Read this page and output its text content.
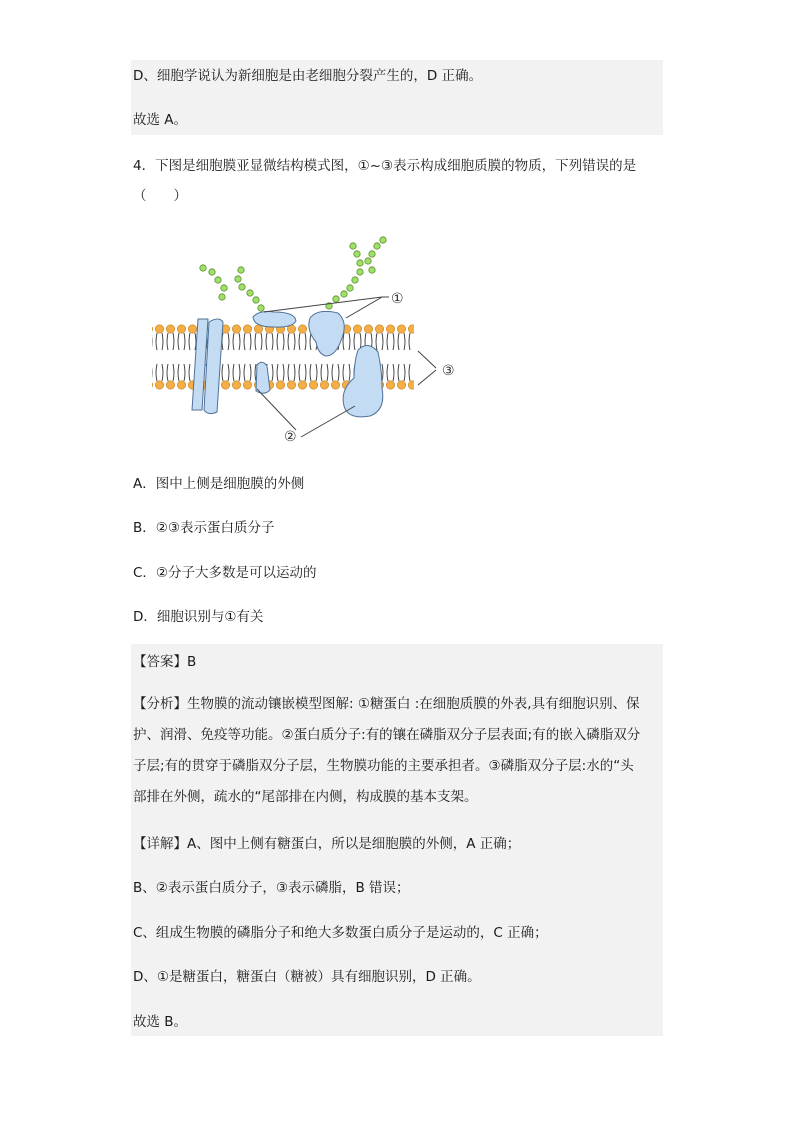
D、细胞学说认为新细胞是由老细胞分裂产生的，D 正确。
故选 A。
4．下图是细胞膜亚显微结构模式图，①~③表示构成细胞质膜的物质，下列错误的是
（　　）
①
②
③
A．图中上侧是细胞膜的外侧
B．②③表示蛋白质分子
C．②分子大多数是可以运动的
D．细胞识别与①有关
【答案】B
【分析】生物膜的流动镶嵌模型图解: ①糖蛋白 :在细胞质膜的外表,具有细胞识别、保
护、润滑、免疫等功能。②蛋白质分子:有的镶在磷脂双分子层表面;有的嵌入磷脂双分
子层;有的贯穿于磷脂双分子层，生物膜功能的主要承担者。③磷脂双分子层:水的“头
部排在外侧，疏水的“尾部排在内侧，构成膜的基本支架。
【详解】A、图中上侧有糖蛋白，所以是细胞膜的外侧，A 正确；
B、②表示蛋白质分子，③表示磷脂，B 错误；
C、组成生物膜的磷脂分子和绝大多数蛋白质分子是运动的，C 正确；
D、①是糖蛋白，糖蛋白（糖被）具有细胞识别，D 正确。
故选 B。
